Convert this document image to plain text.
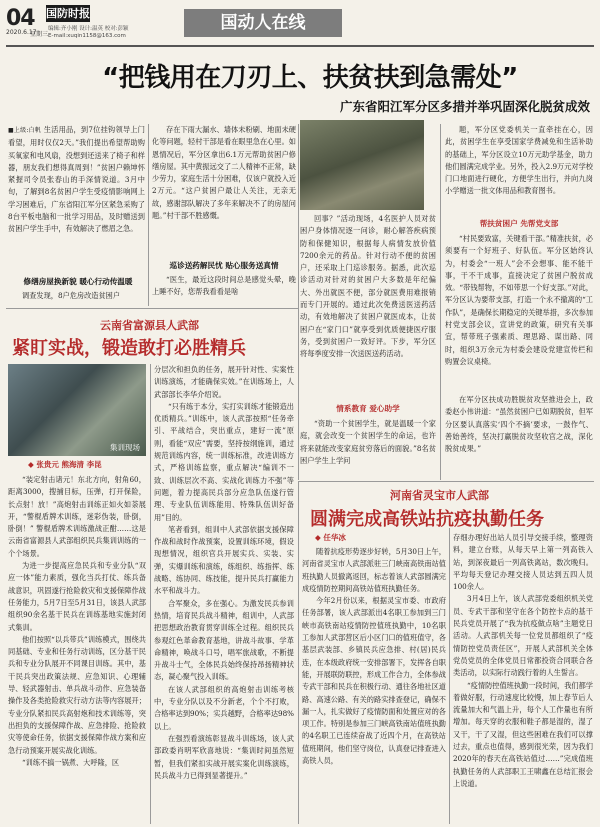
04
2020.6.17
星期三
国防时报
编辑:齐小刚 设计:温英 校对:彭颖
E-mail:xuqin1158@163.com
国动人在线
“把钱用在刀刃上、扶贫扶到急需处”
广东省阳江军分区多措并举巩固深化脱贫成效

■上级:白帆 生活用品，到7位挂钩领导上门看望，用时仅仅2天。”我们提出希望帮助购买氧家和电风扇，没想到还送来了椅子和样器，朋友我们想得真周到！”贫困户赖坤怀紧握司令员张春山的手深情说道。3月中旬，了解到8名贫困户学生受疫情影响网上学习困难后，广东省阳江军分区紧急采购了8台平板电脑和一批学习用品，及时赠送到贫困户学生手中，有效解决了燃眉之急。

修缮房屋换新貌 暖心行动传温暖

调查发现，8户危房改造贫困户

存在下雨大漏水、墙体未粉刷、地面未硬化等问题，轻村干部是看在眼里急在心里。如恩情况后，军分区拿出6.1万元帮助贫困户修缮房屋。其中黄振远交了二人精神不正常，缺少劳力，家庭生活十分困难，仅该户就投入近2万元。“这户贫困户最让人关注，无亲无故，感谢部队解决了多年来解决不了的房屋问题。”村干部不胜感慨。

巡诊送药解民忧 贴心服务送真情

“医生，最近这段时间总是感觉头晕，晚上睡不好，您帮我看看是啥

回事？”活动现场，4名医护人员对贫困户身体情况逐一问诊，耐心解答疾病预防和保健知识，根据每人病情发放价值7200余元的药品。针对行动不便的贫困户，还采取上门巡诊服务。据悉，此次巡诊活动对针对的贫困户大多数是年纪偏大、外出就医不便，部分就医费用难报销而专门开展的。通过此次免费送医送药活动，有效地解决了贫困户就医成本，让贫困户在“家门口”就享受到优质便捷医疗服务，受到贫困户一致好评。下步，军分区将每季度安排一次送医送药活动。

情系教育 爱心助学

“资助一个贫困学生，就是温暖一个家庭，就会改变一个贫困学生的命运，也许将来就能改变家庭贫穷落后的面貌。”8名贫困户学生上学问

题，军分区党委机关一直牵挂在心，因此，贫困学生在享受国家学费减免和生活补助的基础上，军分区设立10万元助学基金，助力他们圆满完成学业。另外，投入2.9万元对学校门口地面进行硬化，方便学生出行，并向九岗小学赠送一批文体用品和教育图书。

帮扶贫困户 先帮党支部

“村民要致富，关键看干部。”精准扶贫，必须要有一个好班子、好队伍。军分区始终认为，村委会“一班人”会不会想事、能不能干事，干不干成事，直接决定了贫困户脱贫成效。“带钱帮物，不如带思一个好支部。”对此，军分区认为要带支部，打造一个永不撤离的“工作队”，是确保长期稳定的关键举措，多次参加村党支部会议，宣讲党的政策，研究有关事宜，帮带班子强素质、理思路、谋出路、同时，组织3万余元为村委会建设党建宣传栏和购置会议桌椅。

在军分区扶成功胜脱贫攻坚推进会上，政委赵小伟讲道：“虽然贫困户已如期脱贫，但军分区要认真落实‘四个不摘’要求，一鼓作气、善始善终，坚决打赢脱贫攻坚收官之战，深化脱贫成果。”

云南省富源县人武部
紧盯实战，锻造敢打必胜精兵
集训现场
◆ 张贵元 熊海清 李昆

“装定射击诸元！东北方向，射角60，距离3000，搜捕目标，压弹，打开保险，长点射！放！”高炮射击训练正如火如荼展开，“警棍盾牌术训练，迷彩伪装，卧倒，卧倒！” 警棍盾牌术训练激战正酣……这是云南省富源县人武部组织民兵集训训练的一个个场景。

为进一步提高应急民兵和专业分队“双应一体”能力素质，强化当兵打仗、练兵备战意识，巩固遂行抢险救灾和支援保障作战任务能力，5月7日至5月31日，该县人武部组织90余名基干民兵在训练基地实施封闭式集训。

他们按照“以兵带兵”训练模式，围绕共同基础、专业和任务行动训练，区分基干民兵和专业分队展开不同课目训练。其中，基干民兵突出政策法规、应急知识、心理辅导、轻武器射击、单兵战斗动作、应急装备操作及各类抢险救灾行动方法等内容展开；专业分队紧扣民兵高射炮和技术训练等，突出担负的支援保障作战、应急排险、抢险救灾等使命任务，依据支援保障作战方案和应急行动预案开展实战化训练。

“训练不搞一锅煮、大呼隆，区

分层次和担负的任务，展开针对性、实案性训练演练，才能确保实效。”在训练场上，人武部部长李华介绍说。

“只有练于本分，实打实训练才能锻造出优质精兵。”训练中，该人武部按照“任务牵引、平战结合，突出重点，建好一流”原则，看能“双应”需要，坚持按纲施训，通过规范训练内容，统一训练标准，改进训练方式，严格训练监察，重点解决“编训不一致、训练层次不高、实战化训练力不强”等问题，着力提高民兵部分应急队伍遂行管理、专业队伍训练能用、特殊队伍训好备用”目的。

笔者看到，组训中人武部依据支援保障作战和战时作战预案，设置训练环境，假设现想情况，组织官兵开展实兵、实装、实弹，实爆训练和演练，练组织、练指挥、练战略、练协同、练技能，提升民兵打赢能力水平和战斗力。

合军聚众，多在强心。为激发民兵参训热情，培育民兵战斗精神，组训中，人武部把思想政治教育贯穿训练全过程。组织民兵参观红色革命教育基地，讲战斗故事、学革命精神，唤战斗口号，唱军旅战歌，不断提升战斗士气，全体民兵始终保持昂扬精神状态，凝心聚气投入训练。

在该人武部组织的高炮射击训练考核中，专业分队以及不分新老，个个不打败，合格率达到90%；实兵越野，合格率达98%以上。

在强烈看演练彰显战斗训练场，该人武部政委肖明军欣喜地说：“集训时间虽然短暂，但我们紧扣实战开展实案化训练演练，民兵战斗力已得到显著提升。”

河南省灵宝市人武部
圆满完成高铁站抗疫执勤任务
◆ 任华冰

随着抗疫形势逐步好转，5月30日上午，河南省灵宝市人武部派驻三门峡南高铁南站值班执勤人员撤离返回，标志着该人武部圆满完成疫情防控期间高铁站值班执勤任务。

今年2月份以来，根据灵宝市委、市政府任务部署，该人武部派出4名职工参加到三门峡市高铁南站疫情防控值班执勤中，10名职工参加人武部营区后小区门口的值班值守，各基层武装部、乡镇民兵应急排、村(居)民兵连，在本级政府统一安排部署下，发挥各自职能，开展联防联控，形成工作合力，全体参战专武干部和民兵在积极行动、通往各地社区道路、高速公路、有关的路实排查登记，确保不漏一人，扎实做好了疫情防面和处置应对的各项工作。特别是参加三门峡高铁南站值班执勤的4名职工已连续奋战了近四个月，在高铁站值班期间，他们坚守岗位，认真登记排查进入高铁人员，

存细办理好出站人员引导交接手续，整理资料，建立台账，从每天早上第一列高铁入站，到深夜最后一列高铁离站，数次晚归。平均每天登记办理交接人员达到五四人员100余人。

3月4日上午，该人武部党委组织机关党员、专武干部和坚守在各个防控卡点的基干民兵党员开展了“我为抗疫做点啥”主题党日活动。人武部机关每一位党员都组织了“疫情防控党员责任区”，开展人武部机关全体党员党员的全体党员日常都投资合同联合各类活动，以实际行动践行着的人生誓言。

“疫情防控值班执勤一段时间，我们都学着做好服，行动速度比较慢，加上春节后人流量加大和气温上升，每个人工作量也有所增加。每天穿的衣服和鞋子都是湿的，湿了又干，干了又湿，但这些困难在我们可以撑过去，重点也值得，感到很光荣，因为我们2020年的春天在高铁站值过……”完成值班执勤任务的人武部职工王啸鑫在总结汇报会上说道。
